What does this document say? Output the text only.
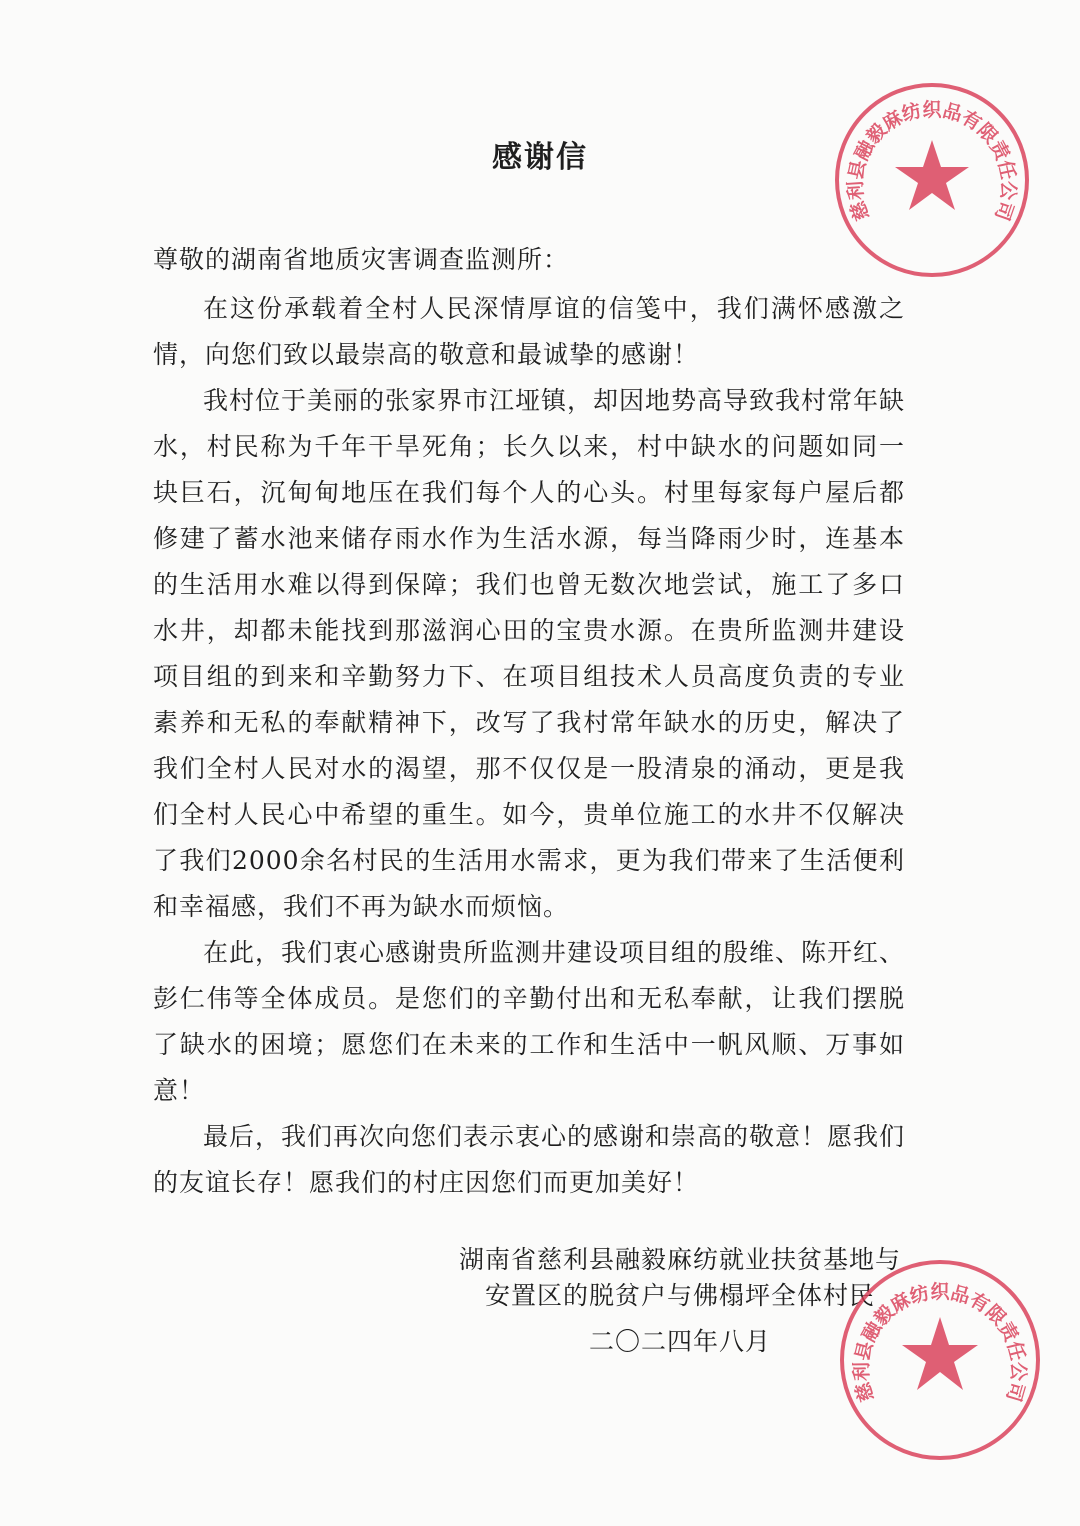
感谢信
尊敬的湖南省地质灾害调查监测所：

在这份承载着全村人民深情厚谊的信笺中，我们满怀感激之情，向您们致以最崇高的敬意和最诚挚的感谢！

我村位于美丽的张家界市江垭镇，却因地势高导致我村常年缺水，村民称为千年干旱死角；长久以来，村中缺水的问题如同一块巨石，沉甸甸地压在我们每个人的心头。村里每家每户屋后都修建了蓄水池来储存雨水作为生活水源，每当降雨少时，连基本的生活用水难以得到保障；我们也曾无数次地尝试，施工了多口水井，却都未能找到那滋润心田的宝贵水源。在贵所监测井建设项目组的到来和辛勤努力下、在项目组技术人员高度负责的专业素养和无私的奉献精神下，改写了我村常年缺水的历史，解决了我们全村人民对水的渴望，那不仅仅是一股清泉的涌动，更是我们全村人民心中希望的重生。如今，贵单位施工的水井不仅解决了我们2000余名村民的生活用水需求，更为我们带来了生活便利和幸福感，我们不再为缺水而烦恼。

在此，我们衷心感谢贵所监测井建设项目组的殷维、陈开红、彭仁伟等全体成员。是您们的辛勤付出和无私奉献，让我们摆脱了缺水的困境；愿您们在未来的工作和生活中一帆风顺、万事如意！

最后，我们再次向您们表示衷心的感谢和崇高的敬意！愿我们的友谊长存！愿我们的村庄因您们而更加美好！

湖南省慈利县融毅麻纺就业扶贫基地与
安置区的脱贫户与佛榻坪全体村民
二〇二四年八月
慈利县融毅麻纺织品有限责任公司
慈利县融毅麻纺织品有限责任公司
